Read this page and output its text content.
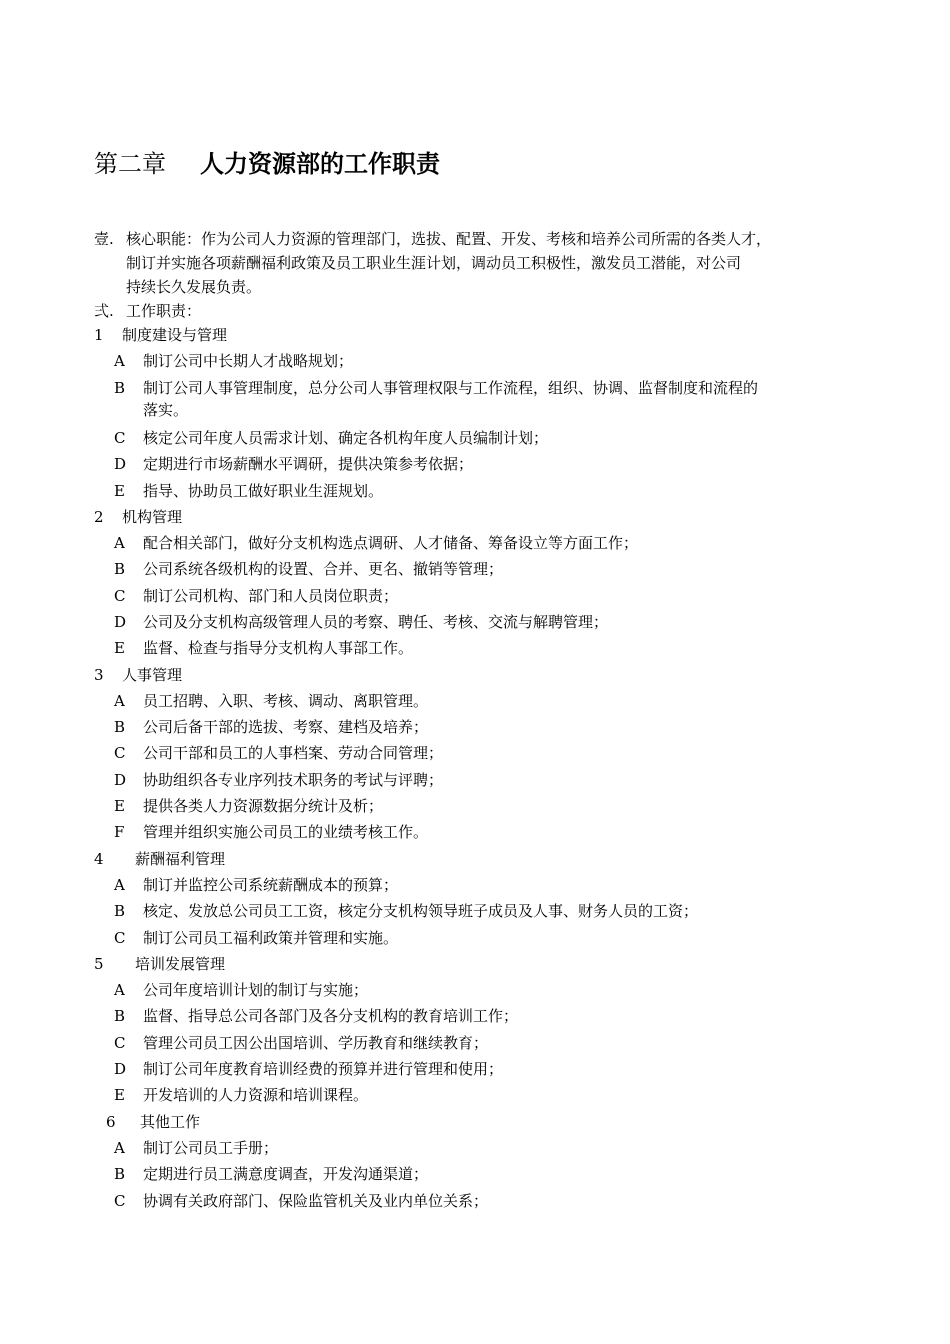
第二章 人力资源部的工作职责
壹. 核心职能：作为公司人力资源的管理部门，选拔、配置、开发、考核和培养公司所需的各类人才，
制订并实施各项薪酬福利政策及员工职业生涯计划，调动员工积极性，激发员工潜能，对公司
持续长久发展负责。
弍. 工作职责：
1 制度建设与管理
A 制订公司中长期人才战略规划；
B 制订公司人事管理制度，总分公司人事管理权限与工作流程，组织、协调、监督制度和流程的
落实。
C 核定公司年度人员需求计划、确定各机构年度人员编制计划；
D 定期进行市场薪酬水平调研，提供决策参考依据；
E 指导、协助员工做好职业生涯规划。
2 机构管理
A 配合相关部门，做好分支机构选点调研、人才储备、筹备设立等方面工作；
B 公司系统各级机构的设置、合并、更名、撤销等管理；
C 制订公司机构、部门和人员岗位职责；
D 公司及分支机构高级管理人员的考察、聘任、考核、交流与解聘管理；
E 监督、检查与指导分支机构人事部工作。
3 人事管理
A 员工招聘、入职、考核、调动、离职管理。
B 公司后备干部的选拔、考察、建档及培养；
C 公司干部和员工的人事档案、劳动合同管理；
D 协助组织各专业序列技术职务的考试与评聘；
E 提供各类人力资源数据分统计及析；
F 管理并组织实施公司员工的业绩考核工作。
4 薪酬福利管理
A 制订并监控公司系统薪酬成本的预算；
B 核定、发放总公司员工工资，核定分支机构领导班子成员及人事、财务人员的工资；
C 制订公司员工福利政策并管理和实施。
5 培训发展管理
A 公司年度培训计划的制订与实施；
B 监督、指导总公司各部门及各分支机构的教育培训工作；
C 管理公司员工因公出国培训、学历教育和继续教育；
D 制订公司年度教育培训经费的预算并进行管理和使用；
E 开发培训的人力资源和培训课程。
6 其他工作
A 制订公司员工手册；
B 定期进行员工满意度调查，开发沟通渠道；
C 协调有关政府部门、保险监管机关及业内单位关系；
